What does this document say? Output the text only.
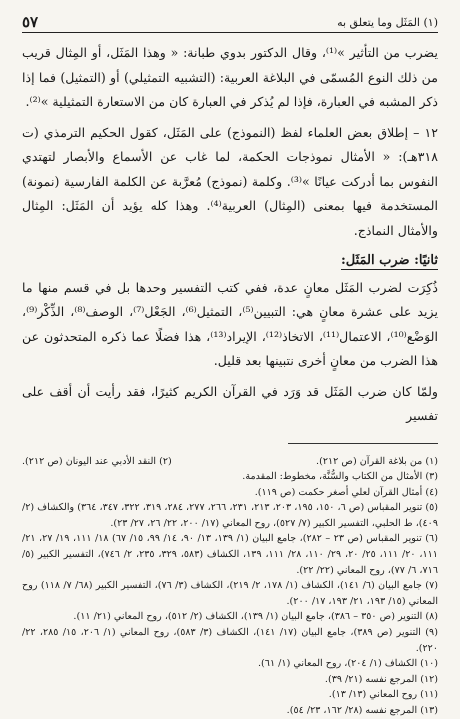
(١) المَثَل وما يتعلق به
٥٧

يضرب من التأثير »⁽¹⁾، وقال الدكتور بدوي طبانة: « وهذا المَثَل، أو المِثال قريب من ذلك النوع المُسمّى في البلاغة العربية: (التشبيه التمثيلي) أو (التمثيل) فما إذا ذكر المشبه في العبارة، فإذا لم يُذكر في العبارة كان من الاستعارة التمثيلية »⁽²⁾.

١٢ – إطلاق بعض العلماء لفظ (النموذج) على المَثَل، كقول الحكيم الترمذي (ت ٣١٨هـ): « الأمثال نموذجات الحكمة، لما غاب عن الأسماع والأبصار لتهتدي النفوس بما أدركت عيانًا »⁽³⁾. وكلمة (نموذج) مُعرَّبة عن الكلمة الفارسية (نمونة) المستخدمة فيها بمعنى (المِثال) العربية⁽⁴⁾. وهذا كله يؤيد أن المَثَل: المِثال والأمثال النماذج.

ثانيًا: ضرب المَثَل:

ذُكِرَت لضرب المَثَل معانٍ عدة، ففي كتب التفسير وحدها بل في قسم منها ما يزيد على عشرة معانٍ هي: التبيين⁽⁵⁾، التمثيل⁽⁶⁾، الجَعْل⁽⁷⁾، الوصف⁽⁸⁾، الذِّكْر⁽⁹⁾، الوَضْع⁽¹⁰⁾، الاعتمال⁽¹¹⁾، الاتخاذ⁽¹²⁾، الإيراد⁽¹³⁾، هذا فضلًا عما ذكره المتحدثون عن هذا الضرب من معانٍ أخرى نتبينها بعد قليل.

ولمّا كان ضرب المَثَل قد وَرَد في القرآن الكريم كثيرًا، فقد رأيت أن أقف على تفسير

(١) من بلاغة القرآن (ص ٢١٢).

(٢) النقد الأدبي عند اليونان (ص ٢١٢).

(٣) الأمثال من الكتاب والسُّنَّة، مخطوط: المقدمة.

(٤) أمثال القرآن لعلي أصغر حكمت (ص ١١٩).

(٥) تنوير المقباس (ص ٦، ١٥٠، ١٩٥، ٢٠٣، ٢١٣، ٢٣١، ٢٦٦، ٢٧٧، ٢٨٤، ٣١٩، ٣٢٢، ٣٤٧، ٣٦٤) والكشاف (٢/ ٤٠٩)، ط الحلبي، التفسير الكبير (٧/ ٥٢٧)، روح المعاني (١٧/ ٢٠٠، ٢٢/ ٢٦، ٢٧/ ٢٣).

(٦) تنوير المقباس (ص ٢٣ – ٢٨٢)، جامع البيان (١/ ١٣٩، ١٣/ ٩٠، ١٤/ ٩٩، ١٥/ ٦٧) ١٨/ ١١١، ١٩/ ٢٧، ٢١/ ١١١، ٢٠/ ١١١، ٢٥/ ٢٠، ٢٩/ ١١٠، ٢٨/ ١١١، ١٣٩، الكشاف (٥٨٣، ٣٢٩، ٢٣٥، ٢/ ٧٤٦)، التفسير الكبير (٥/ ٧١٦، ٦/ ٧٧)، روح المعاني (٢٢/ ٢٢).

(٧) جامع البيان (٦/ ١٤١)، الكشاف (١/ ١٧٨، ٢/ ٢١٩)، الكشاف (٣/ ٧٦)، التفسير الكبير (٦٨/ ٧/ ١١٨) روح المعاني (١٥/ ١٩٣، ٢١/ ١٩٣، ١٧/ ٢٠٠).

(٨) التنوير (ص ٣٥٠ – ٣٨٦)، جامع البيان (١/ ١٣٩)، الكشاف (٢/ ٥١٢)، روح المعاني (٢١/ ١١).

(٩) التنوير (ص ٣٨٩)، جامع البيان (١٧/ ١٤١)، الكشاف (٣/ ٥٨٣)، روح المعاني (١/ ٢٠٦، ١٥/ ٢٨٥، ٢٢/ ٢٢٠).

(١٠) الكشاف (١/ ٢٠٤)، روح المعاني (١/ ٦١).

(١٢) المرجع نفسه (٢١/ ٣٩).

(١١) روح المعاني (١٣/ ١٣).

(١٣) المرجع نفسه (٢٨/ ١٦٢، ٢٣/ ٥٤).
